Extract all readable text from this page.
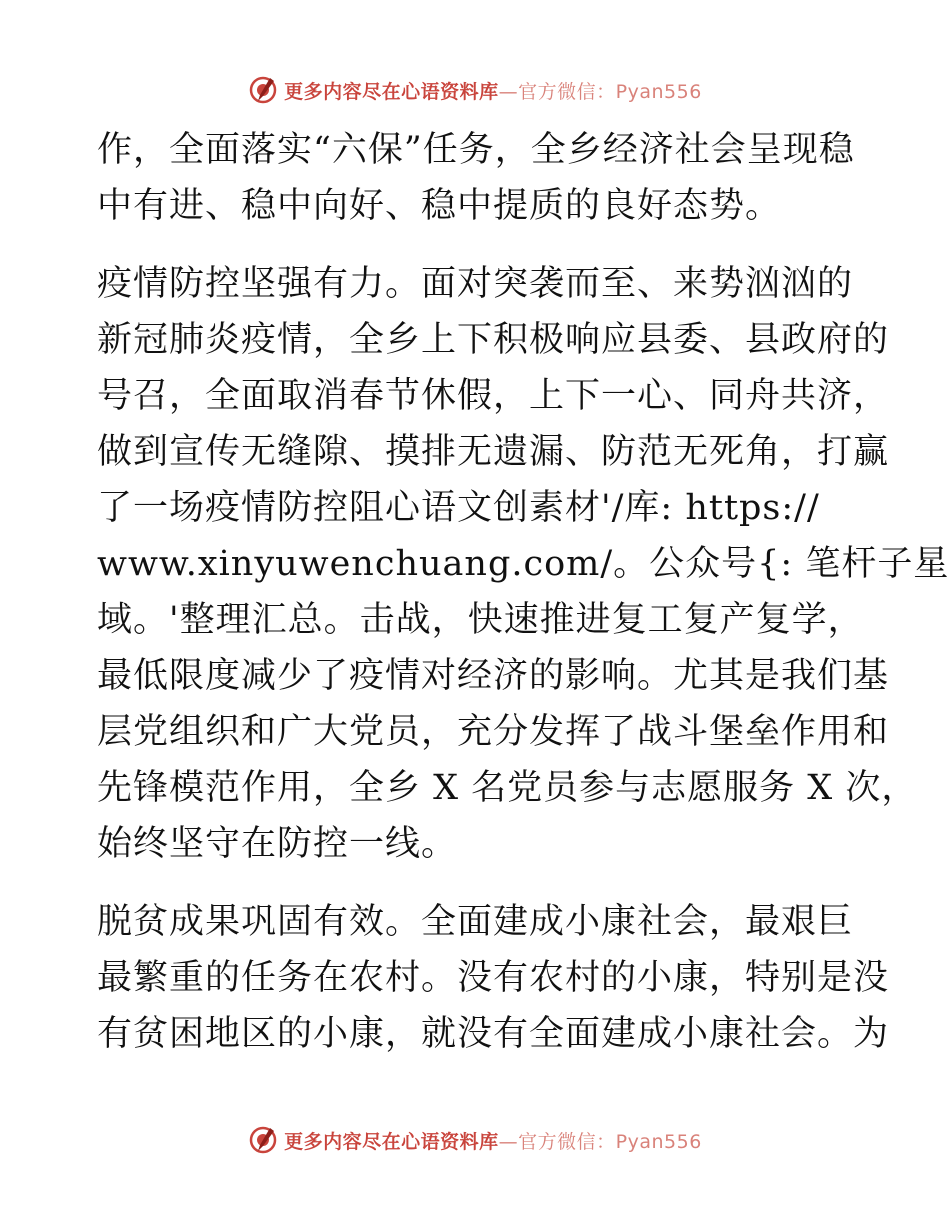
更多内容尽在心语资料库—官方微信：Pyan556
作，全面落实“六保”任务，全乡经济社会呈现稳
中有进、稳中向好、稳中提质的良好态势。
疫情防控坚强有力。面对突袭而至、来势汹汹的
新冠肺炎疫情，全乡上下积极响应县委、县政府的
号召，全面取消春节休假，上下一心、同舟共济，
做到宣传无缝隙、摸排无遗漏、防范无死角，打赢
了一场疫情防控阻心语文创素材'/库: https://
www.xinyuwenchuang.com/。公众号{: 笔杆子星
域。'整理汇总。击战，快速推进复工复产复学，
最低限度减少了疫情对经济的影响。尤其是我们基
层党组织和广大党员，充分发挥了战斗堡垒作用和
先锋模范作用，全乡 X 名党员参与志愿服务 X 次，
始终坚守在防控一线。
脱贫成果巩固有效。全面建成小康社会，最艰巨
最繁重的任务在农村。没有农村的小康，特别是没
有贫困地区的小康，就没有全面建成小康社会。为
更多内容尽在心语资料库—官方微信：Pyan556
